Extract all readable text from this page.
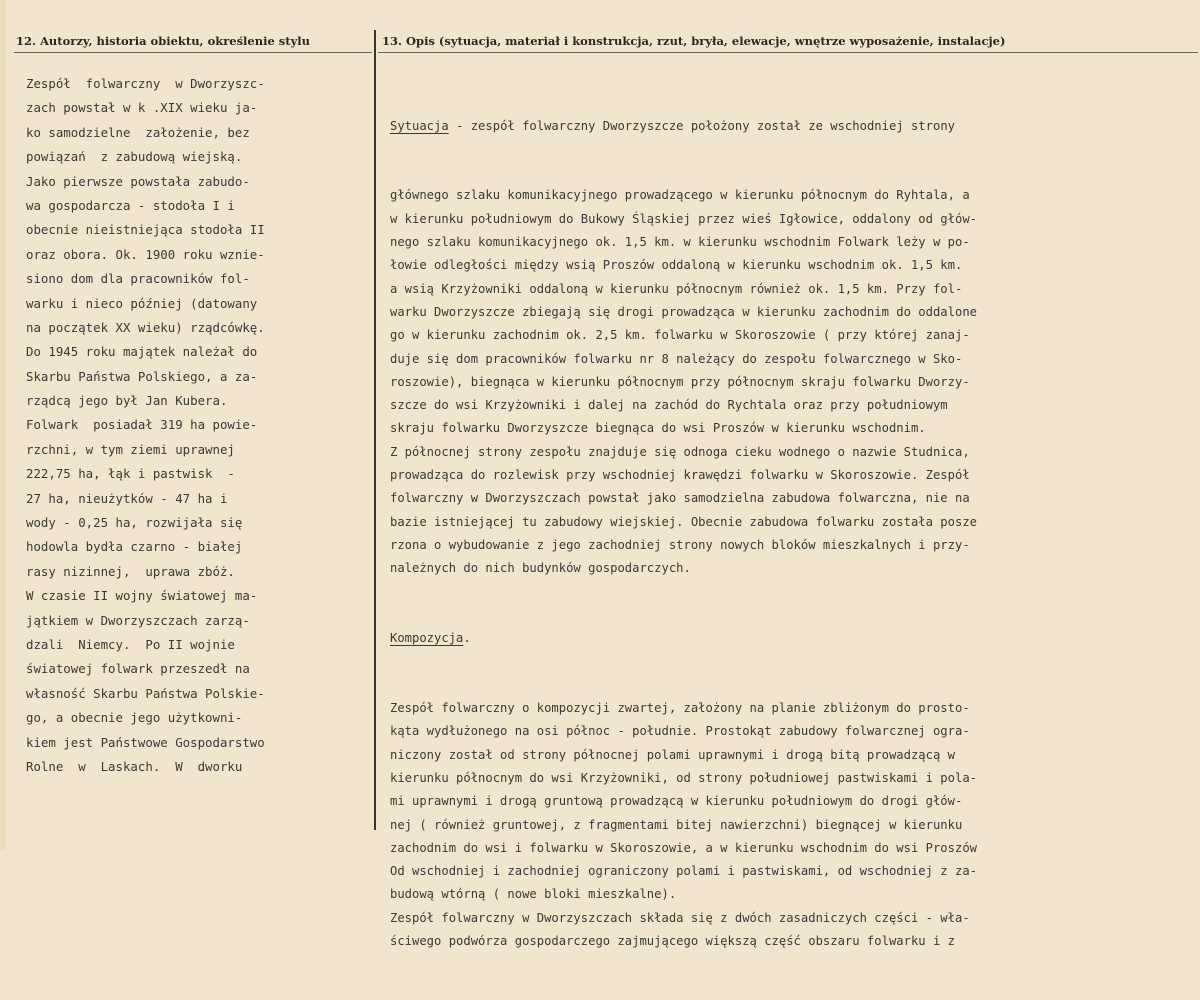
12. Autorzy, historia obiektu, określenie stylu	13. Opis (sytuacja, materiał i konstrukcja, rzut, bryła, elewacje, wnętrze wyposażenie, instalacje)
Zespół  folwarczny  w Dworzyszc-
zach powstał w k .XIX wieku ja-
ko samodzielne  założenie, bez
powiązań  z zabudową wiejską.
Jako pierwsze powstała zabudo-
wa gospodarcza - stodoła I i
obecnie nieistniejąca stodoła II
oraz obora. Ok. 1900 roku wznie-
siono dom dla pracowników fol-
warku i nieco później (datowany
na początek XX wieku) rządcówkę.
Do 1945 roku majątek należał do
Skarbu Państwa Polskiego, a za-
rządcą jego był Jan Kubera.
Folwark  posiadał 319 ha powie-
rzchni, w tym ziemi uprawnej
222,75 ha, łąk i pastwisk  -
27 ha, nieużytków - 47 ha i
wody - 0,25 ha, rozwijała się
hodowla bydła czarno - białej
rasy nizinnej,  uprawa zbóż.
W czasie II wojny światowej ma-
jątkiem w Dworzyszczach zarzą-
dzali  Niemcy.  Po II wojnie
światowej folwark przeszedł na
własność Skarbu Państwa Polskie-
go, a obecnie jego użytkowni-
kiem jest Państwowe Gospodarstwo
Rolne  w  Laskach.  W  dworku

Sytuacja - zespół folwarczny Dworzyszcze położony został ze wschodniej strony

głównego szlaku komunikacyjnego prowadzącego w kierunku północnym do Ryhtala, a
w kierunku południowym do Bukowy Śląskiej przez wieś Igłowice, oddalony od głów-
nego szlaku komunikacyjnego ok. 1,5 km. w kierunku wschodnim Folwark leży w po-
łowie odległości między wsią Proszów oddaloną w kierunku wschodnim ok. 1,5 km.
a wsią Krzyżowniki oddaloną w kierunku północnym również ok. 1,5 km. Przy fol-
warku Dworzyszcze zbiegają się drogi prowadząca w kierunku zachodnim do oddalone
go w kierunku zachodnim ok. 2,5 km. folwarku w Skoroszowie ( przy której zanaj-
duje się dom pracowników folwarku nr 8 należący do zespołu folwarcznego w Sko-
roszowie), biegnąca w kierunku północnym przy północnym skraju folwarku Dworzy-
szcze do wsi Krzyżowniki i dalej na zachód do Rychtala oraz przy południowym
skraju folwarku Dworzyszcze biegnąca do wsi Proszów w kierunku wschodnim.
Z północnej strony zespołu znajduje się odnoga cieku wodnego o nazwie Studnica,
prowadząca do rozlewisk przy wschodniej krawędzi folwarku w Skoroszowie. Zespół
folwarczny w Dworzyszczach powstał jako samodzielna zabudowa folwarczna, nie na
bazie istniejącej tu zabudowy wiejskiej. Obecnie zabudowa folwarku została posze
rzona o wybudowanie z jego zachodniej strony nowych bloków mieszkalnych i przy-
należnych do nich budynków gospodarczych.

Kompozycja.

Zespół folwarczny o kompozycji zwartej, założony na planie zbliżonym do prosto-
kąta wydłużonego na osi północ - południe. Prostokąt zabudowy folwarcznej ogra-
niczony został od strony północnej polami uprawnymi i drogą bitą prowadzącą w
kierunku północnym do wsi Krzyżowniki, od strony południowej pastwiskami i pola-
mi uprawnymi i drogą gruntową prowadzącą w kierunku południowym do drogi głów-
nej ( również gruntowej, z fragmentami bitej nawierzchni) biegnącej w kierunku
zachodnim do wsi i folwarku w Skoroszowie, a w kierunku wschodnim do wsi Proszów
Od wschodniej i zachodniej ograniczony polami i pastwiskami, od wschodniej z za-
budową wtórną ( nowe bloki mieszkalne).
Zespół folwarczny w Dworzyszczach składa się z dwóch zasadniczych części - wła-
ściwego podwórza gospodarczego zajmującego większą część obszaru folwarku i z
